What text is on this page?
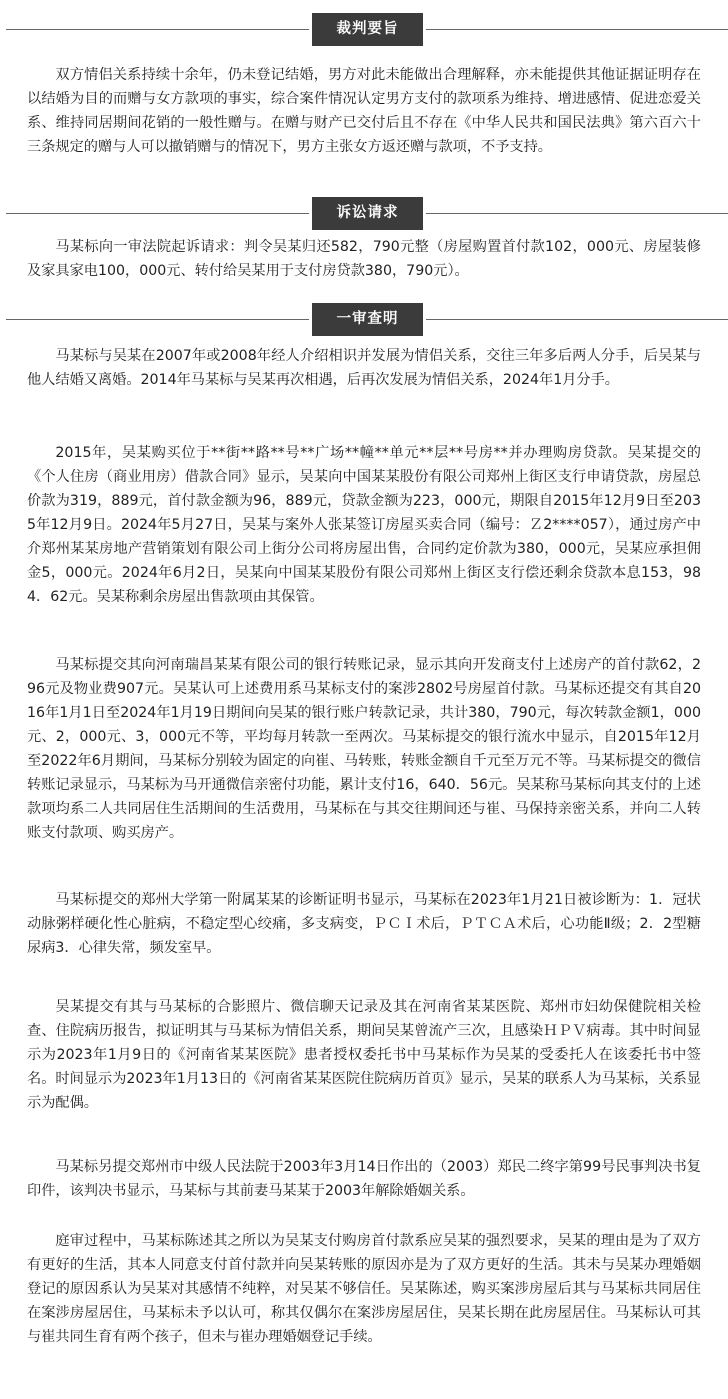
裁判要旨

双方情侣关系持续十余年，仍未登记结婚，男方对此未能做出合理解释，亦未能提供其他证据证明存在以结婚为目的而赠与女方款项的事实，综合案件情况认定男方支付的款项系为维持、增进感情、促进恋爱关系、维持同居期间花销的一般性赠与。在赠与财产已交付后且不存在《中华人民共和国民法典》第六百六十三条规定的赠与人可以撤销赠与的情况下，男方主张女方返还赠与款项，不予支持。

诉讼请求

马某标向一审法院起诉请求：判令吴某归还582，790元整（房屋购置首付款102，000元、房屋装修及家具家电100，000元、转付给吴某用于支付房贷款380，790元）。

一审查明

马某标与吴某在2007年或2008年经人介绍相识并发展为情侣关系，交往三年多后两人分手，后吴某与他人结婚又离婚。2014年马某标与吴某再次相遇，后再次发展为情侣关系，2024年1月分手。

2015年，吴某购买位于**街**路**号**广场**幢**单元**层**号房**并办理购房贷款。吴某提交的《个人住房（商业用房）借款合同》显示，吴某向中国某某股份有限公司郑州上街区支行申请贷款，房屋总价款为319，889元，首付款金额为96，889元，贷款金额为223，000元，期限自2015年12月9日至2035年12月9日。2024年5月27日，吴某与案外人张某签订房屋买卖合同（编号：Ｚ2****057），通过房产中介郑州某某房地产营销策划有限公司上街分公司将房屋出售，合同约定价款为380，000元，吴某应承担佣金5，000元。2024年6月2日，吴某向中国某某股份有限公司郑州上街区支行偿还剩余贷款本息153，984．62元。吴某称剩余房屋出售款项由其保管。

马某标提交其向河南瑞昌某某有限公司的银行转账记录，显示其向开发商支付上述房产的首付款62，296元及物业费907元。吴某认可上述费用系马某标支付的案涉2802号房屋首付款。马某标还提交有其自2016年1月1日至2024年1月19日期间向吴某的银行账户转款记录，共计380，790元，每次转款金额1，000元、2，000元、3，000元不等，平均每月转款一至两次。马某标提交的银行流水中显示，自2015年12月至2022年6月期间，马某标分别较为固定的向崔、马转账，转账金额自千元至万元不等。马某标提交的微信转账记录显示，马某标为马开通微信亲密付功能，累计支付16，640．56元。吴某称马某标向其支付的上述款项均系二人共同居住生活期间的生活费用，马某标在与其交往期间还与崔、马保持亲密关系，并向二人转账支付款项、购买房产。

马某标提交的郑州大学第一附属某某的诊断证明书显示，马某标在2023年1月21日被诊断为：1．冠状动脉粥样硬化性心脏病，不稳定型心绞痛，多支病变，ＰＣＩ术后，ＰＴＣＡ术后，心功能Ⅱ级；2．2型糖尿病3．心律失常，频发室早。

吴某提交有其与马某标的合影照片、微信聊天记录及其在河南省某某医院、郑州市妇幼保健院相关检查、住院病历报告，拟证明其与马某标为情侣关系，期间吴某曾流产三次，且感染ＨＰＶ病毒。其中时间显示为2023年1月9日的《河南省某某医院》患者授权委托书中马某标作为吴某的受委托人在该委托书中签名。时间显示为2023年1月13日的《河南省某某医院住院病历首页》显示，吴某的联系人为马某标，关系显示为配偶。

马某标另提交郑州市中级人民法院于2003年3月14日作出的（2003）郑民二终字第99号民事判决书复印件，该判决书显示，马某标与其前妻马某某于2003年解除婚姻关系。

庭审过程中，马某标陈述其之所以为吴某支付购房首付款系应吴某的强烈要求，吴某的理由是为了双方有更好的生活，其本人同意支付首付款并向吴某转账的原因亦是为了双方更好的生活。其未与吴某办理婚姻登记的原因系认为吴某对其感情不纯粹，对吴某不够信任。吴某陈述，购买案涉房屋后其与马某标共同居住在案涉房屋居住，马某标未予以认可，称其仅偶尔在案涉房屋居住，吴某长期在此房屋居住。马某标认可其与崔共同生育有两个孩子，但未与崔办理婚姻登记手续。
